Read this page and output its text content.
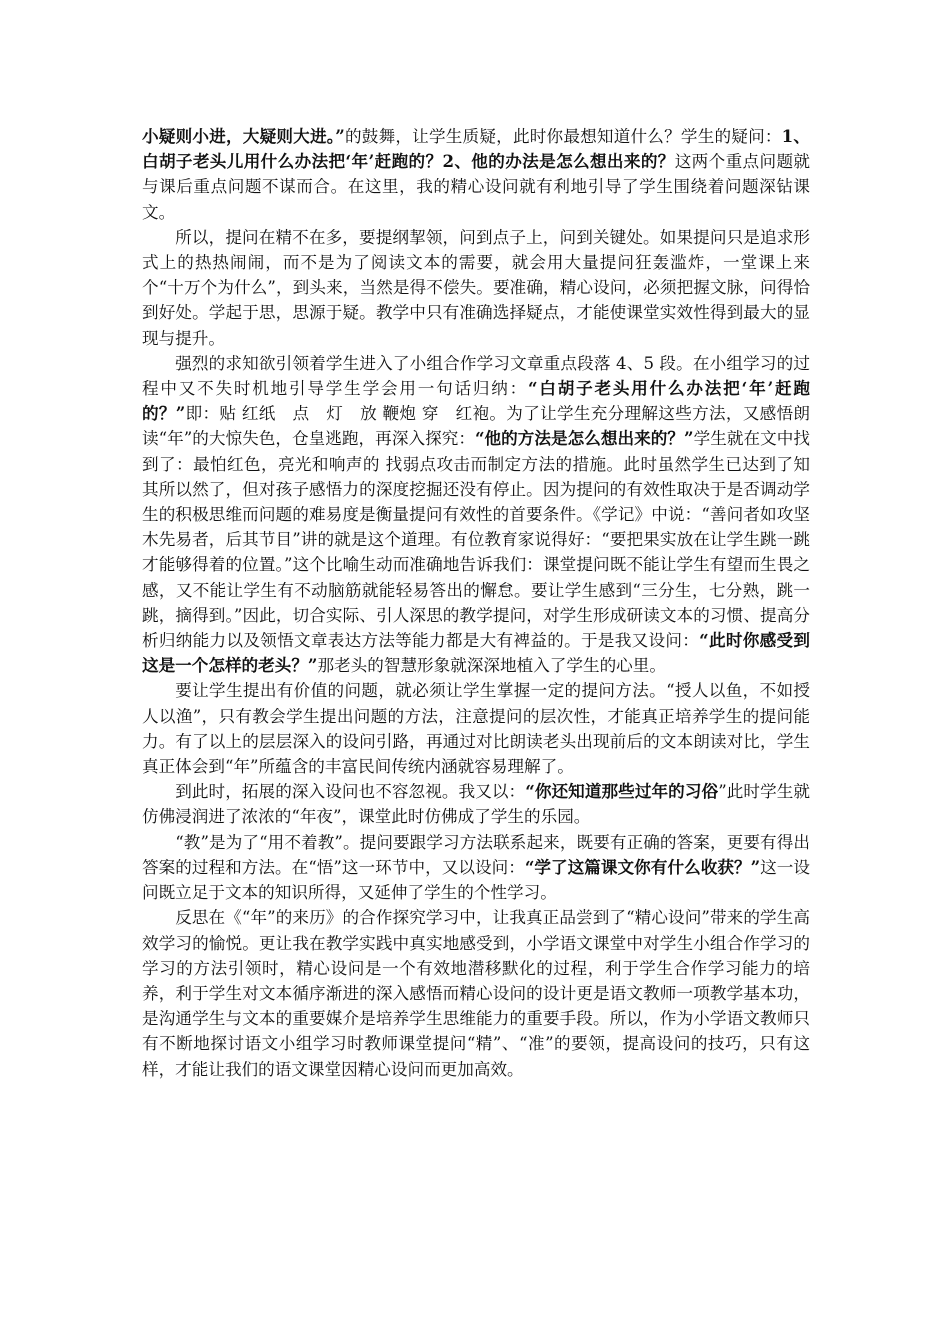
小疑则小进，大疑则大进。”的鼓舞，让学生质疑，此时你最想知道什么？学生的疑问：1、白胡子老头儿用什么办法把‘年’赶跑的？2、他的办法是怎么想出来的？这两个重点问题就与课后重点问题不谋而合。在这里，我的精心设问就有利地引导了学生围绕着问题深钻课文。

所以，提问在精不在多，要提纲挈领，问到点子上，问到关键处。如果提问只是追求形式上的热热闹闹，而不是为了阅读文本的需要，就会用大量提问狂轰滥炸，一堂课上来个“十万个为什么”，到头来，当然是得不偿失。要准确，精心设问，必须把握文脉，问得恰到好处。学起于思，思源于疑。教学中只有准确选择疑点，才能使课堂实效性得到最大的显现与提升。

强烈的求知欲引领着学生进入了小组合作学习文章重点段落 4、5 段。在小组学习的过程中又不失时机地引导学生学会用一句话归纳：“白胡子老头用什么办法把‘年’赶跑的？”即：贴 红纸　点　灯　放 鞭炮 穿　红袍。为了让学生充分理解这些方法，又感悟朗读“年”的大惊失色，仓皇逃跑，再深入探究：“他的方法是怎么想出来的？”学生就在文中找到了：最怕红色，亮光和响声的 找弱点攻击而制定方法的措施。此时虽然学生已达到了知其所以然了，但对孩子感悟力的深度挖掘还没有停止。因为提问的有效性取决于是否调动学生的积极思维而问题的难易度是衡量提问有效性的首要条件。《学记》中说：“善问者如攻坚木先易者，后其节目”讲的就是这个道理。有位教育家说得好：“要把果实放在让学生跳一跳才能够得着的位置。”这个比喻生动而准确地告诉我们：课堂提问既不能让学生有望而生畏之感，又不能让学生有不动脑筋就能轻易答出的懈怠。要让学生感到“三分生，七分熟，跳一跳，摘得到。”因此，切合实际、引人深思的教学提问，对学生形成研读文本的习惯、提高分析归纳能力以及领悟文章表达方法等能力都是大有裨益的。于是我又设问：“此时你感受到这是一个怎样的老头？”那老头的智慧形象就深深地植入了学生的心里。

要让学生提出有价值的问题，就必须让学生掌握一定的提问方法。“授人以鱼，不如授人以渔”，只有教会学生提出问题的方法，注意提问的层次性，才能真正培养学生的提问能力。有了以上的层层深入的设问引路，再通过对比朗读老头出现前后的文本朗读对比，学生真正体会到“年”所蕴含的丰富民间传统内涵就容易理解了。

到此时，拓展的深入设问也不容忽视。我又以：“你还知道那些过年的习俗”此时学生就仿佛浸润进了浓浓的“年夜”，课堂此时仿佛成了学生的乐园。

“教”是为了“用不着教”。提问要跟学习方法联系起来，既要有正确的答案，更要有得出答案的过程和方法。在“悟”这一环节中，又以设问：“学了这篇课文你有什么收获？”这一设问既立足于文本的知识所得，又延伸了学生的个性学习。

反思在《“年”的来历》的合作探究学习中，让我真正品尝到了“精心设问”带来的学生高效学习的愉悦。更让我在教学实践中真实地感受到，小学语文课堂中对学生小组合作学习的学习的方法引领时，精心设问是一个有效地潜移默化的过程，利于学生合作学习能力的培养，利于学生对文本循序渐进的深入感悟而精心设问的设计更是语文教师一项教学基本功，是沟通学生与文本的重要媒介是培养学生思维能力的重要手段。所以，作为小学语文教师只有不断地探讨语文小组学习时教师课堂提问“精”、“准”的要领，提高设问的技巧，只有这样，才能让我们的语文课堂因精心设问而更加高效。
